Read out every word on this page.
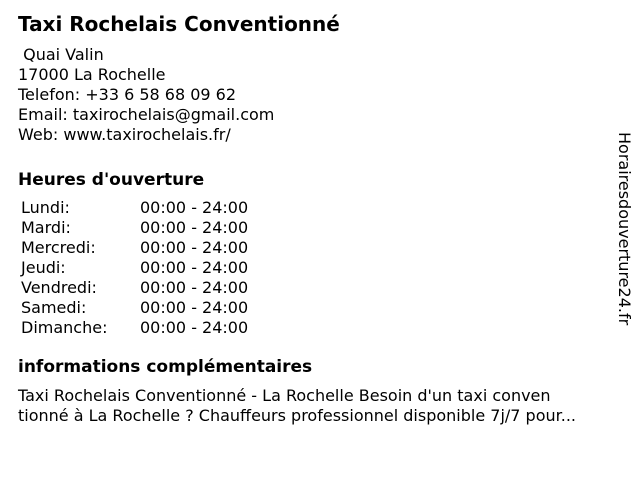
Taxi Rochelais Conventionné
Quai Valin
17000 La Rochelle
Telefon: +33 6 58 68 09 62
Email: taxirochelais@gmail.com
Web: www.taxirochelais.fr/
Heures d'ouverture
Lundi:	00:00 - 24:00
Mardi:	00:00 - 24:00
Mercredi:	00:00 - 24:00
Jeudi:	00:00 - 24:00
Vendredi:	00:00 - 24:00
Samedi:	00:00 - 24:00
Dimanche:	00:00 - 24:00
informations complémentaires
Taxi Rochelais Conventionné - La Rochelle Besoin d'un taxi conven
tionné à La Rochelle ? Chauffeurs professionnel disponible 7j/7 pour...
Horairesdouverture24.fr
